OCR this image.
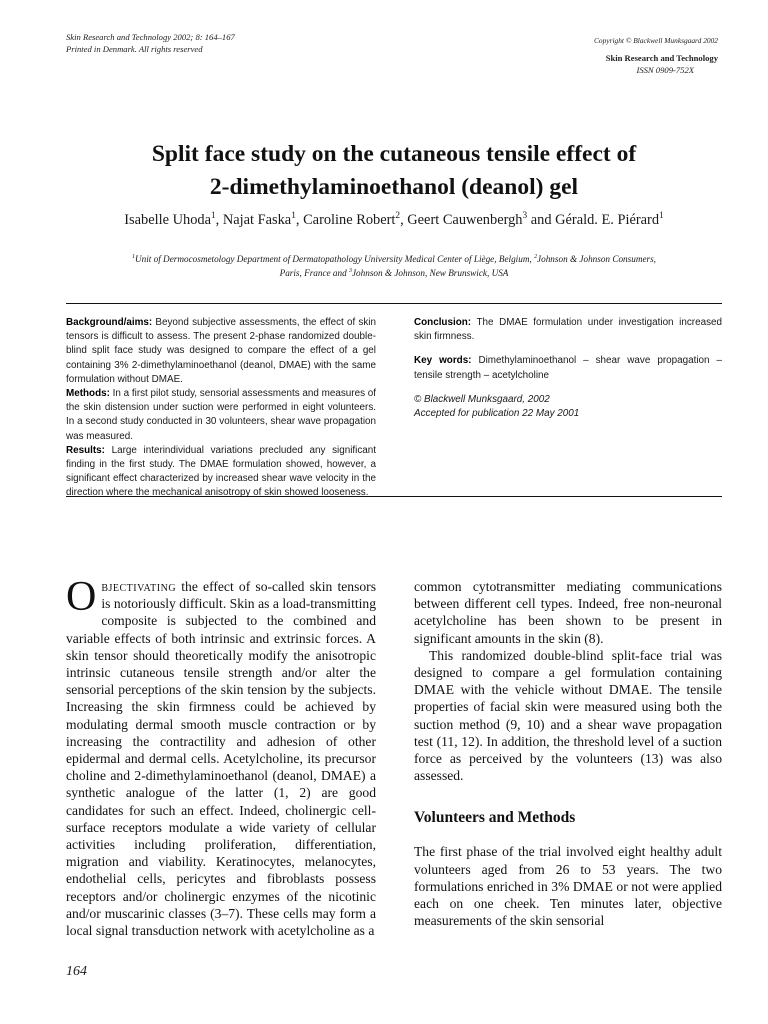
Skin Research and Technology 2002; 8: 164–167
Printed in Denmark. All rights reserved
Copyright © Blackwell Munksgaard 2002
Skin Research and Technology
ISSN 0909-752X
Split face study on the cutaneous tensile effect of
2-dimethylaminoethanol (deanol) gel
Isabelle Uhoda$^1$, Najat Faska$^1$, Caroline Robert$^2$, Geert Cauwenbergh$^3$ and Gérald. E. Piérard$^1$
$^1$Unit of Dermocosmetology Department of Dermatopathology University Medical Center of Liège, Belgium, $^2$Johnson & Johnson Consumers,
Paris, France and $^3$Johnson & Johnson, New Brunswick, USA

Background/aims: Beyond subjective assessments, the effect of skin tensors is difficult to assess. The present 2-phase randomized double-blind split face study was designed to compare the effect of a gel containing 3% 2-dimethylaminoethanol (deanol, DMAE) with the same formulation without DMAE.

Methods: In a first pilot study, sensorial assessments and measures of the skin distension under suction were performed in eight volunteers. In a second study conducted in 30 volunteers, shear wave propagation was measured.

Results: Large interindividual variations precluded any significant finding in the first study. The DMAE formulation showed, however, a significant effect characterized by increased shear wave velocity in the direction where the mechanical anisotropy of skin showed looseness.

Conclusion: The DMAE formulation under investigation increased skin firmness.

Key words: Dimethylaminoethanol – shear wave propagation – tensile strength – acetylcholine

© Blackwell Munksgaard, 2002

Accepted for publication 22 May 2001

Objectivating the effect of so-called skin tensors is notoriously difficult. Skin as a load-transmitting composite is subjected to the combined and variable effects of both intrinsic and extrinsic forces. A skin tensor should theoretically modify the anisotropic intrinsic cutaneous tensile strength and/or alter the sensorial perceptions of the skin tension by the subjects. Increasing the skin firmness could be achieved by modulating dermal smooth muscle contraction or by increasing the contractility and adhesion of other epidermal and dermal cells. Acetylcholine, its precursor choline and 2-dimethylaminoethanol (deanol, DMAE) a synthetic analogue of the latter (1, 2) are good candidates for such an effect. Indeed, cholinergic cell-surface receptors modulate a wide variety of cellular activities including proliferation, differentiation, migration and viability. Keratinocytes, melanocytes, endothelial cells, pericytes and fibroblasts possess receptors and/or cholinergic enzymes of the nicotinic and/or muscarinic classes (3–7). These cells may form a local signal transduction network with acetylcholine as a

common cytotransmitter mediating communications between different cell types. Indeed, free non-neuronal acetylcholine has been shown to be present in significant amounts in the skin (8).

This randomized double-blind split-face trial was designed to compare a gel formulation containing DMAE with the vehicle without DMAE. The tensile properties of facial skin were measured using both the suction method (9, 10) and a shear wave propagation test (11, 12). In addition, the threshold level of a suction force as perceived by the volunteers (13) was also assessed.

Volunteers and Methods

The first phase of the trial involved eight healthy adult volunteers aged from 26 to 53 years. The two formulations enriched in 3% DMAE or not were applied each on one cheek. Ten minutes later, objective measurements of the skin sensorial

164
